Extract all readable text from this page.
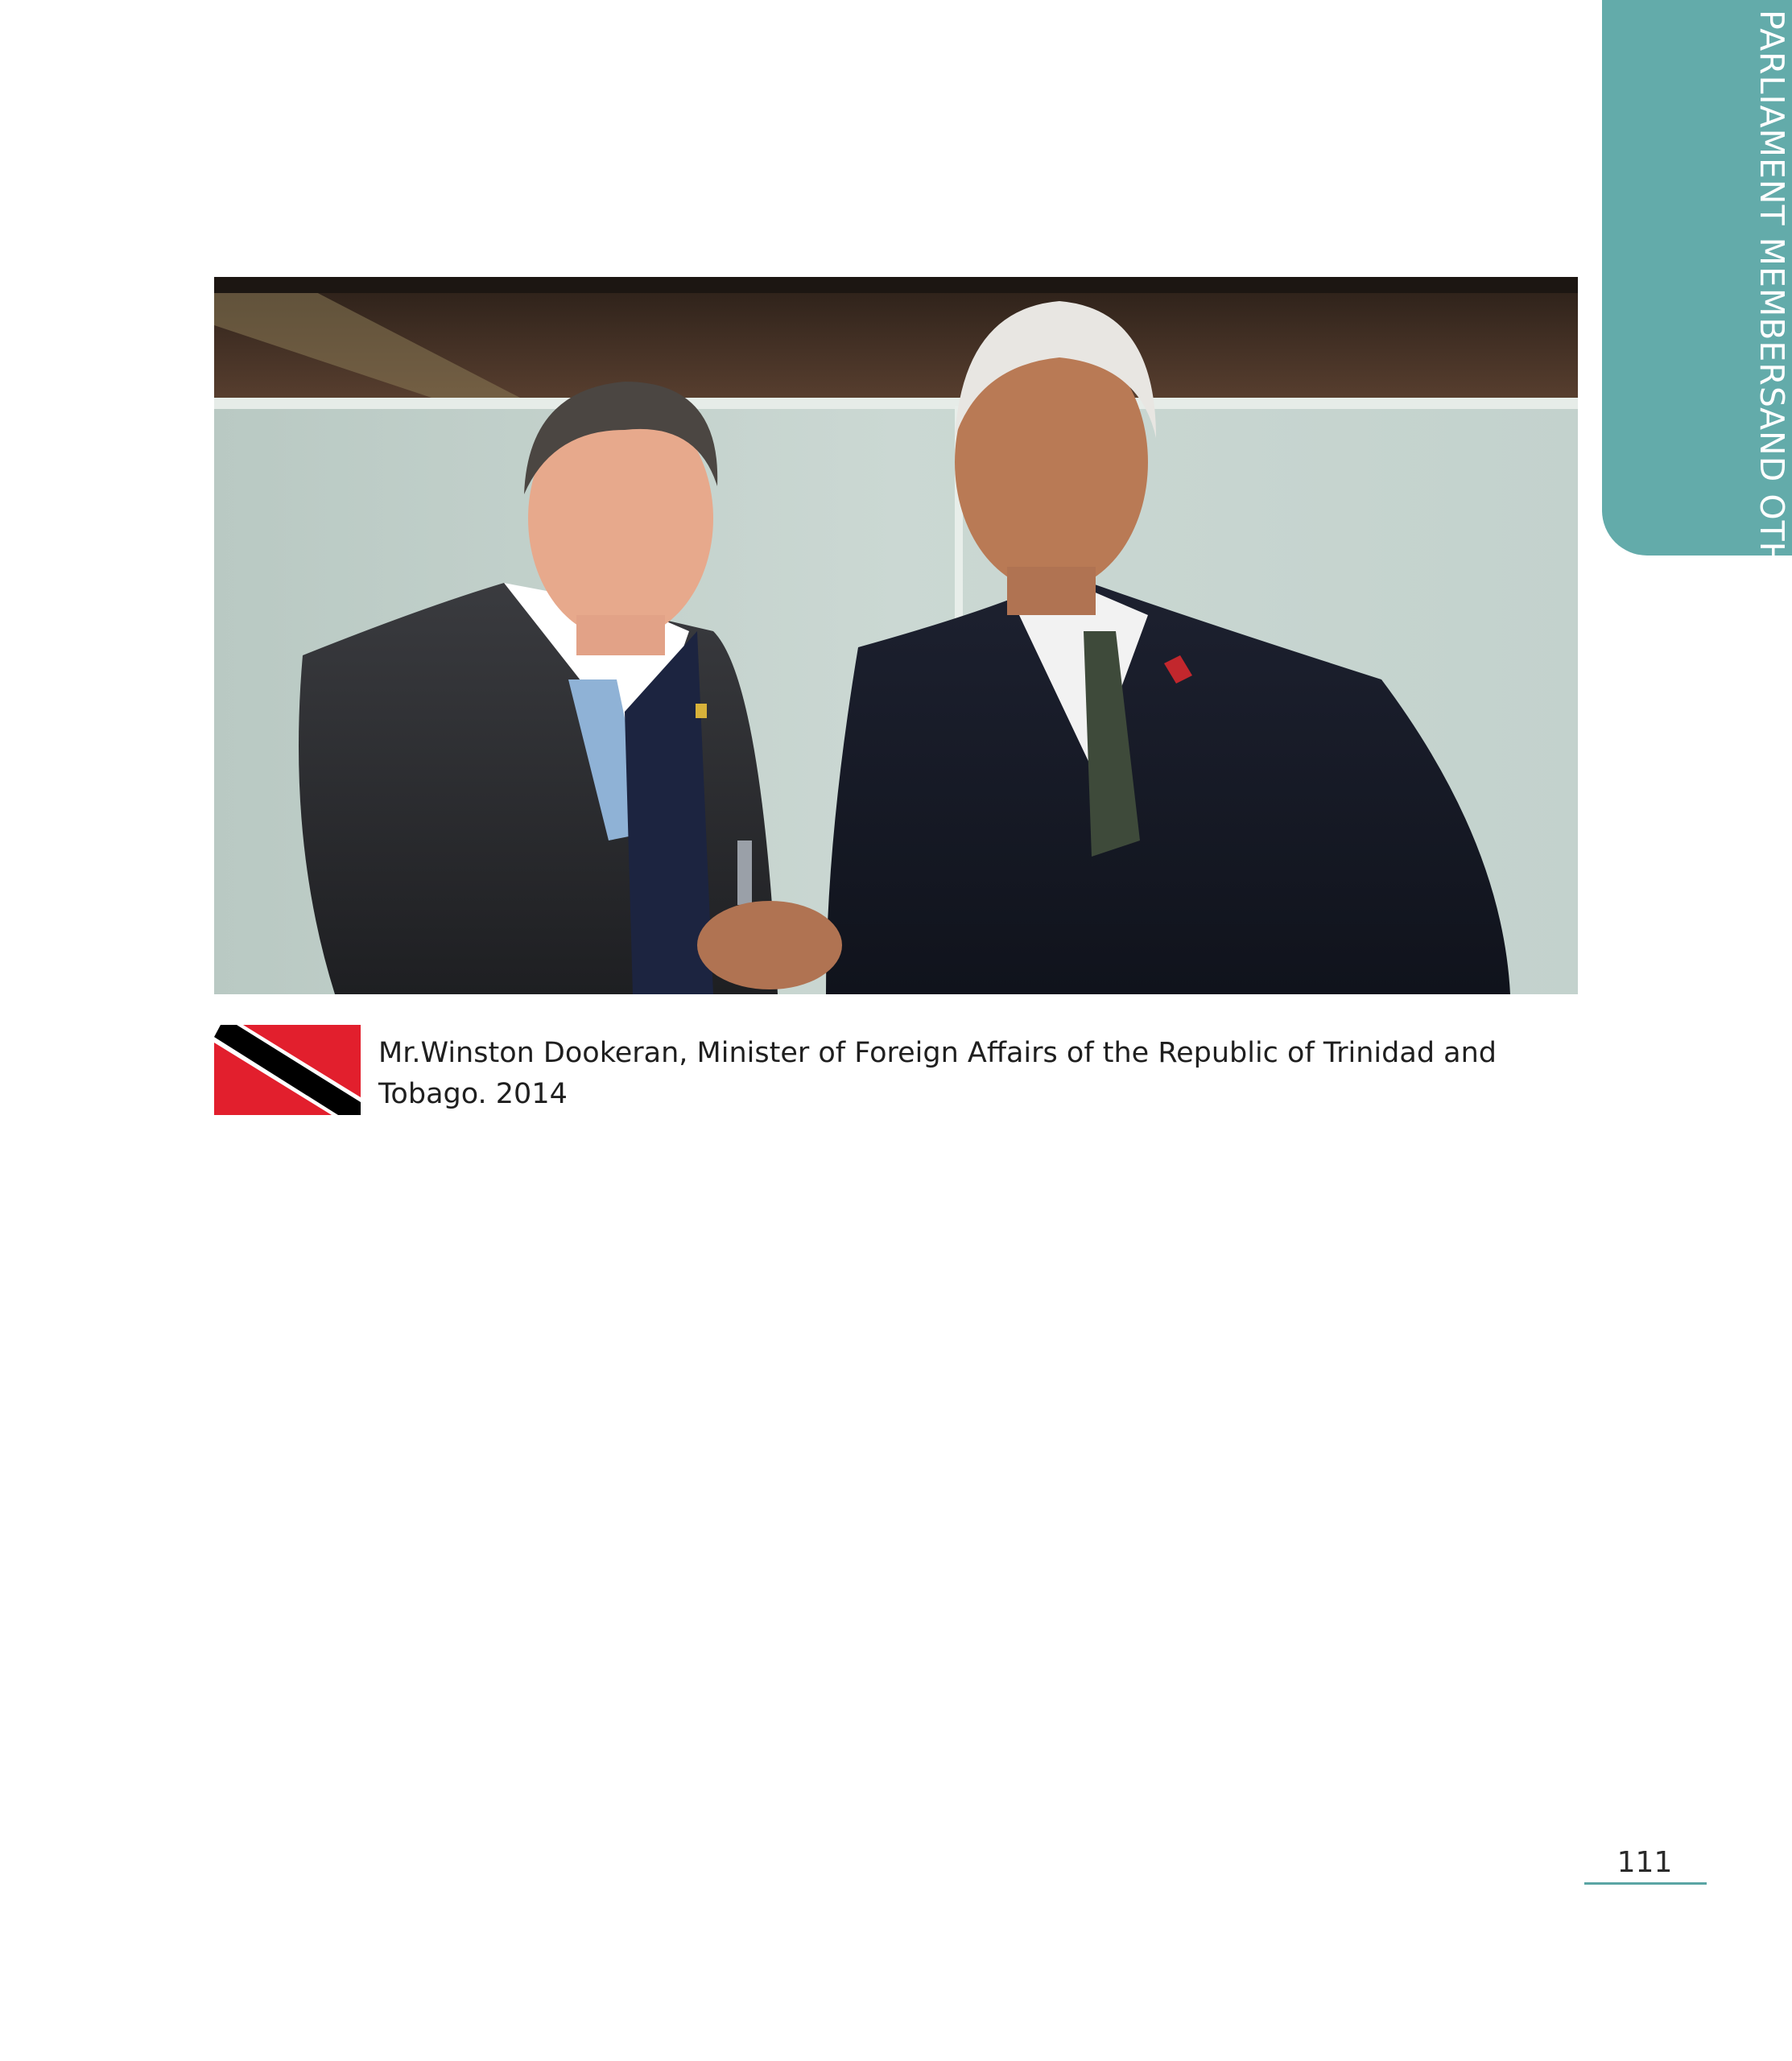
PARLIAMENT MEMBERS
AND OTHERS
Mr.Winston Dookeran, Minister of Foreign Affairs of the Republic of Trinidad and Tobago. 2014
111
